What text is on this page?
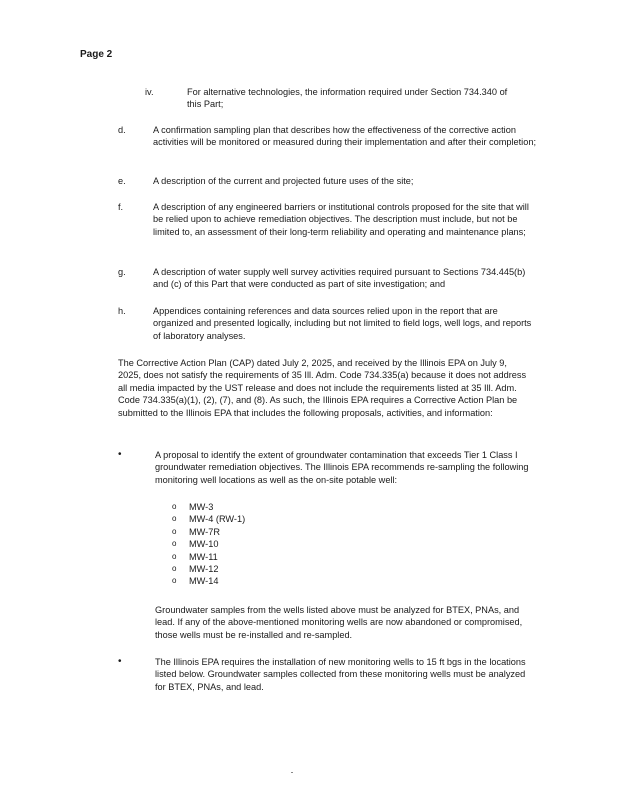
Page 2
iv.	For alternative technologies, the information required under Section 734.340 of this Part;
d.	A confirmation sampling plan that describes how the effectiveness of the corrective action activities will be monitored or measured during their implementation and after their completion;
e.	A description of the current and projected future uses of the site;
f.	A description of any engineered barriers or institutional controls proposed for the site that will be relied upon to achieve remediation objectives. The description must include, but not be limited to, an assessment of their long-term reliability and operating and maintenance plans;
g.	A description of water supply well survey activities required pursuant to Sections 734.445(b) and (c) of this Part that were conducted as part of site investigation; and
h.	Appendices containing references and data sources relied upon in the report that are organized and presented logically, including but not limited to field logs, well logs, and reports of laboratory analyses.
The Corrective Action Plan (CAP) dated July 2, 2025, and received by the Illinois EPA on July 9, 2025, does not satisfy the requirements of 35 Ill. Adm. Code 734.335(a) because it does not address all media impacted by the UST release and does not include the requirements listed at 35 Ill. Adm. Code 734.335(a)(1), (2), (7), and (8). As such, the Illinois EPA requires a Corrective Action Plan be submitted to the Illinois EPA that includes the following proposals, activities, and information:
•	A proposal to identify the extent of groundwater contamination that exceeds Tier 1 Class I groundwater remediation objectives. The Illinois EPA recommends re-sampling the following monitoring well locations as well as the on-site potable well:
o MW-3
o MW-4 (RW-1)
o MW-7R
o MW-10
o MW-11
o MW-12
o MW-14
Groundwater samples from the wells listed above must be analyzed for BTEX, PNAs, and lead. If any of the above-mentioned monitoring wells are now abandoned or compromised, those wells must be re-installed and re-sampled.
•	The Illinois EPA requires the installation of new monitoring wells to 15 ft bgs in the locations listed below. Groundwater samples collected from these monitoring wells must be analyzed for BTEX, PNAs, and lead.
